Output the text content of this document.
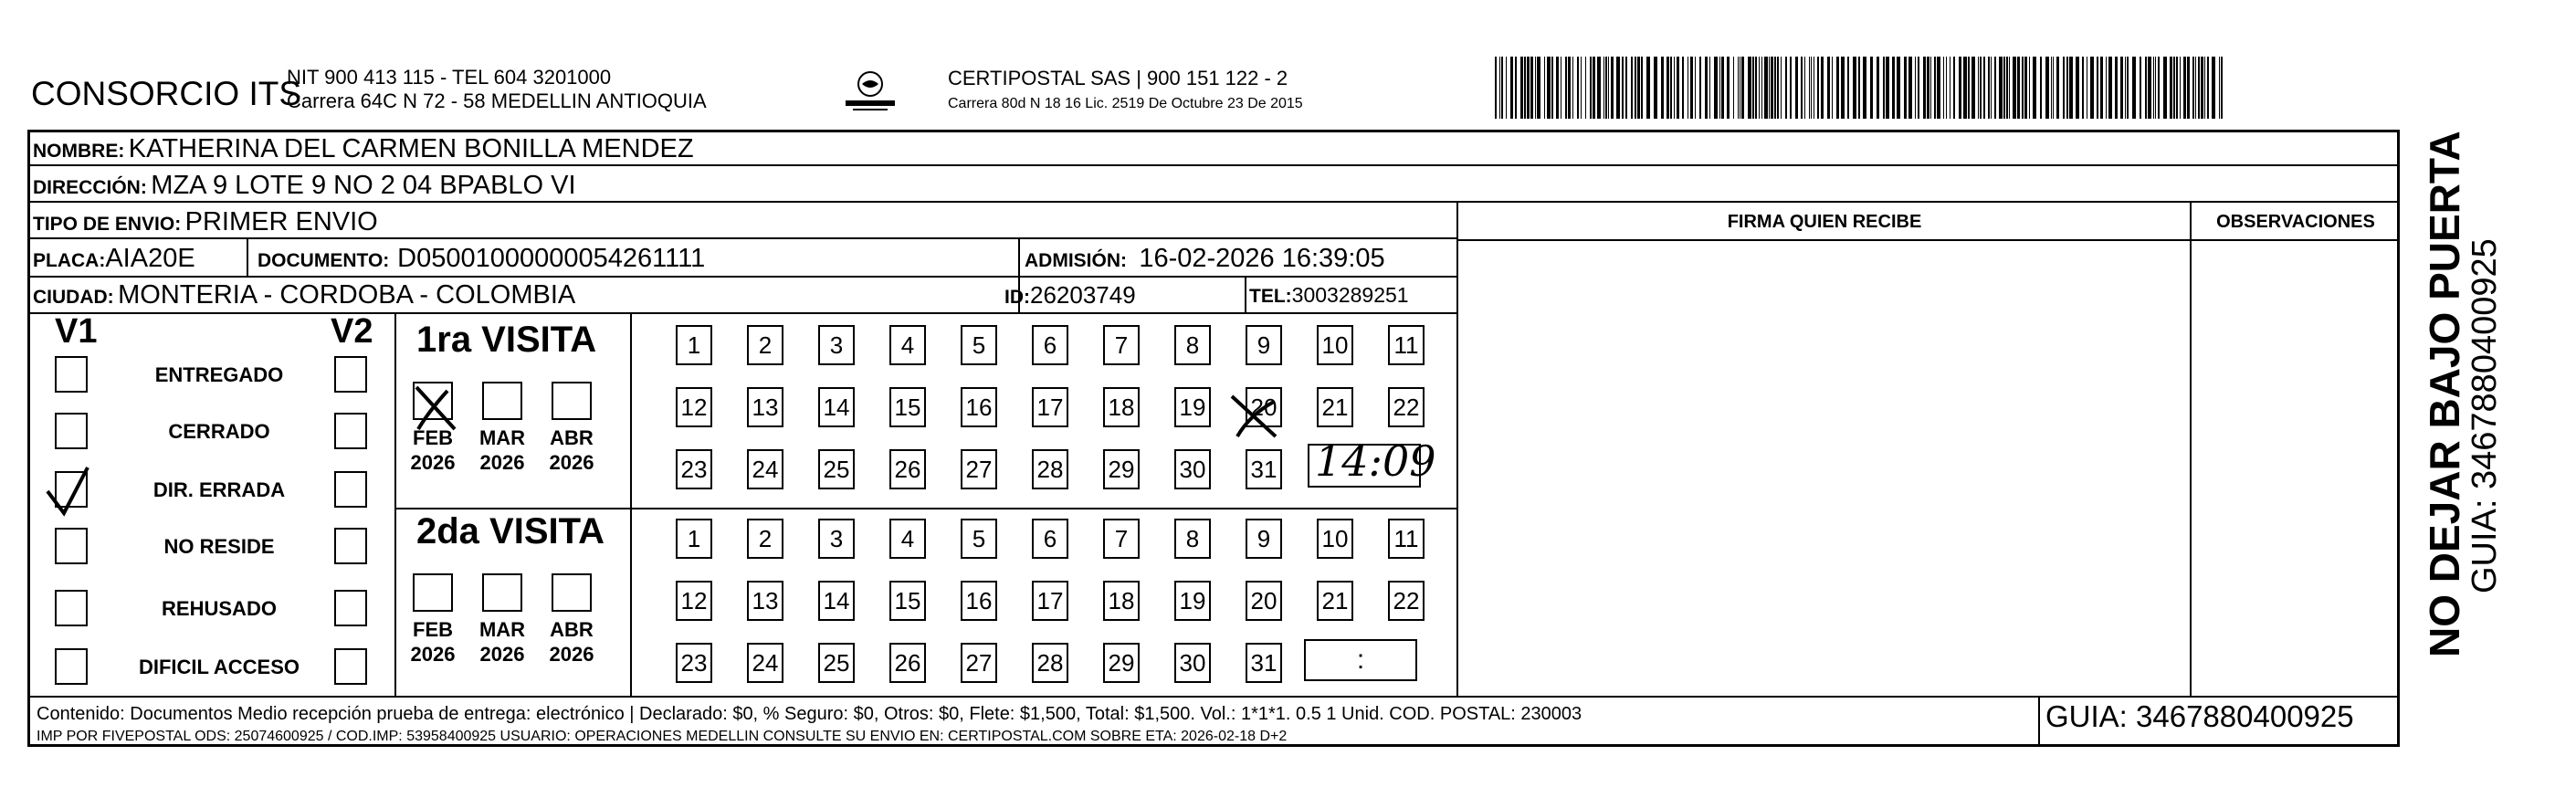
CONSORCIO ITS
NIT 900 413 115 - TEL 604 3201000
Carrera 64C N 72 - 58 MEDELLIN ANTIOQUIA
CERTIPOSTAL SAS | 900 151 122 - 2
Carrera 80d N 18 16 Lic. 2519 De Octubre 23 De 2015
NOMBRE: KATHERINA DEL CARMEN BONILLA MENDEZ
DIRECCIÓN: MZA 9 LOTE 9 NO 2 04 BPABLO VI
TIPO DE ENVIO: PRIMER ENVIO
PLACA:AIA20E	DOCUMENTO: D05001000000054261111	ADMISIÓN: 16-02-2026 16:39:05
CIUDAD: MONTERIA - CORDOBA - COLOMBIA	ID:26203749	TEL:3003289251
FIRMA QUIEN RECIBE	OBSERVACIONES
V1	V2
ENTREGADO
CERRADO
DIR. ERRADA
NO RESIDE
REHUSADO
DIFICIL ACCESO
1ra VISITA
2da VISITA
FEB
2026
MAR
2026
ABR
2026
FEB
2026
MAR
2026
ABR
2026
1	2	3	4	5	6	7	8	9	10 11
12 13 14 15 16 17 18 19 20 21 22
23 24 25 26 27 28 29 30 31
1	2	3	4	5	6	7	8	9	10 11
12 13 14 15 16 17 18 19 20 21 22
23 24 25 26 27 28 29 30 31
14:09
:
Contenido: Documentos Medio recepción prueba de entrega: electrónico | Declarado: $0, % Seguro: $0, Otros: $0, Flete: $1,500, Total: $1,500. Vol.: 1*1*1. 0.5 1 Unid. COD. POSTAL: 230003
IMP POR FIVEPOSTAL ODS: 25074600925 / COD.IMP: 53958400925 USUARIO: OPERACIONES MEDELLIN CONSULTE SU ENVIO EN: CERTIPOSTAL.COM SOBRE ETA: 2026-02-18 D+2
GUIA: 3467880400925
NO DEJAR BAJO PUERTA
GUIA: 3467880400925
